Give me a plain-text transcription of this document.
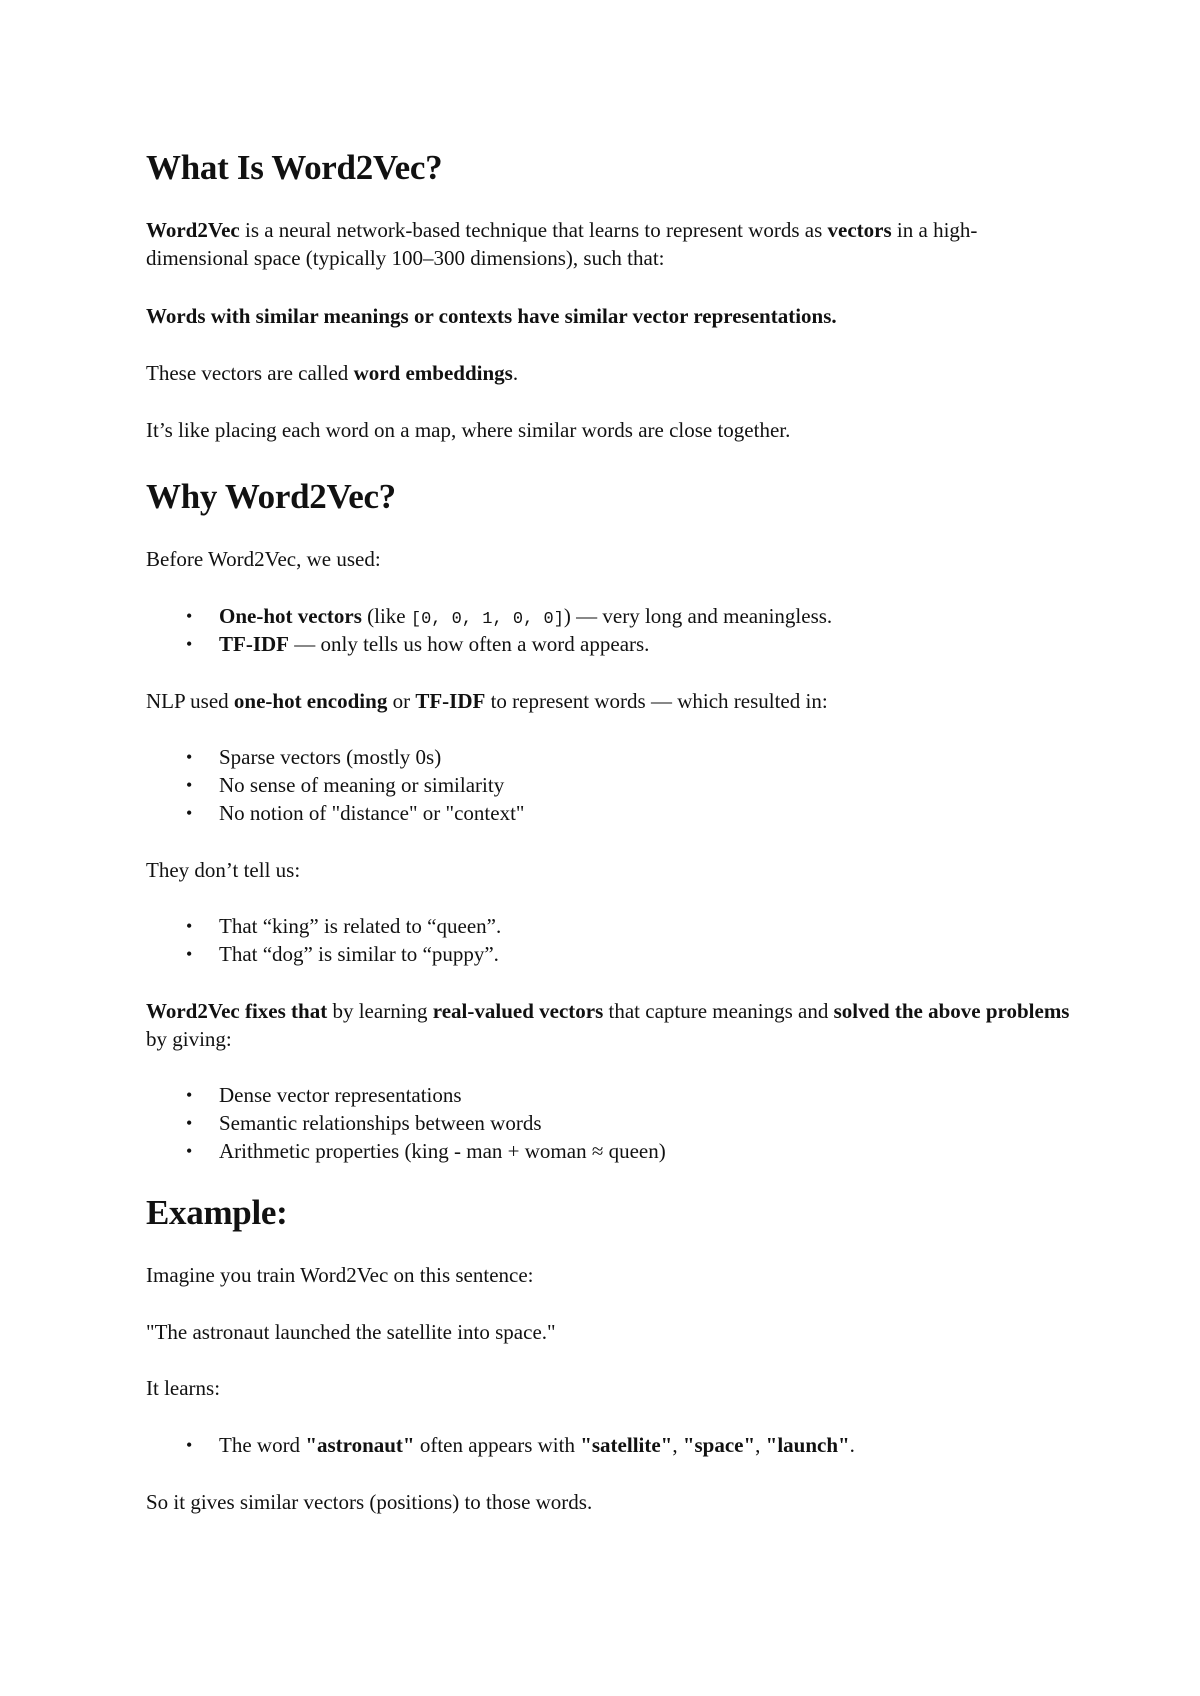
What Is Word2Vec?

Word2Vec is a neural network-based technique that learns to represent words as vectors in a high-dimensional space (typically 100–300 dimensions), such that:

Words with similar meanings or contexts have similar vector representations.

These vectors are called word embeddings.

It’s like placing each word on a map, where similar words are close together.

Why Word2Vec?

Before Word2Vec, we used:

• One-hot vectors (like [0, 0, 1, 0, 0]) — very long and meaningless.
• TF-IDF — only tells us how often a word appears.

NLP used one-hot encoding or TF-IDF to represent words — which resulted in:

• Sparse vectors (mostly 0s)
• No sense of meaning or similarity
• No notion of "distance" or "context"

They don’t tell us:

• That “king” is related to “queen”.
• That “dog” is similar to “puppy”.

Word2Vec fixes that by learning real-valued vectors that capture meanings and solved the above problems by giving:

• Dense vector representations
• Semantic relationships between words
• Arithmetic properties (king - man + woman ≈ queen)
Example:

Imagine you train Word2Vec on this sentence:

"The astronaut launched the satellite into space."

It learns:

• The word "astronaut" often appears with "satellite", "space", "launch".

So it gives similar vectors (positions) to those words.
